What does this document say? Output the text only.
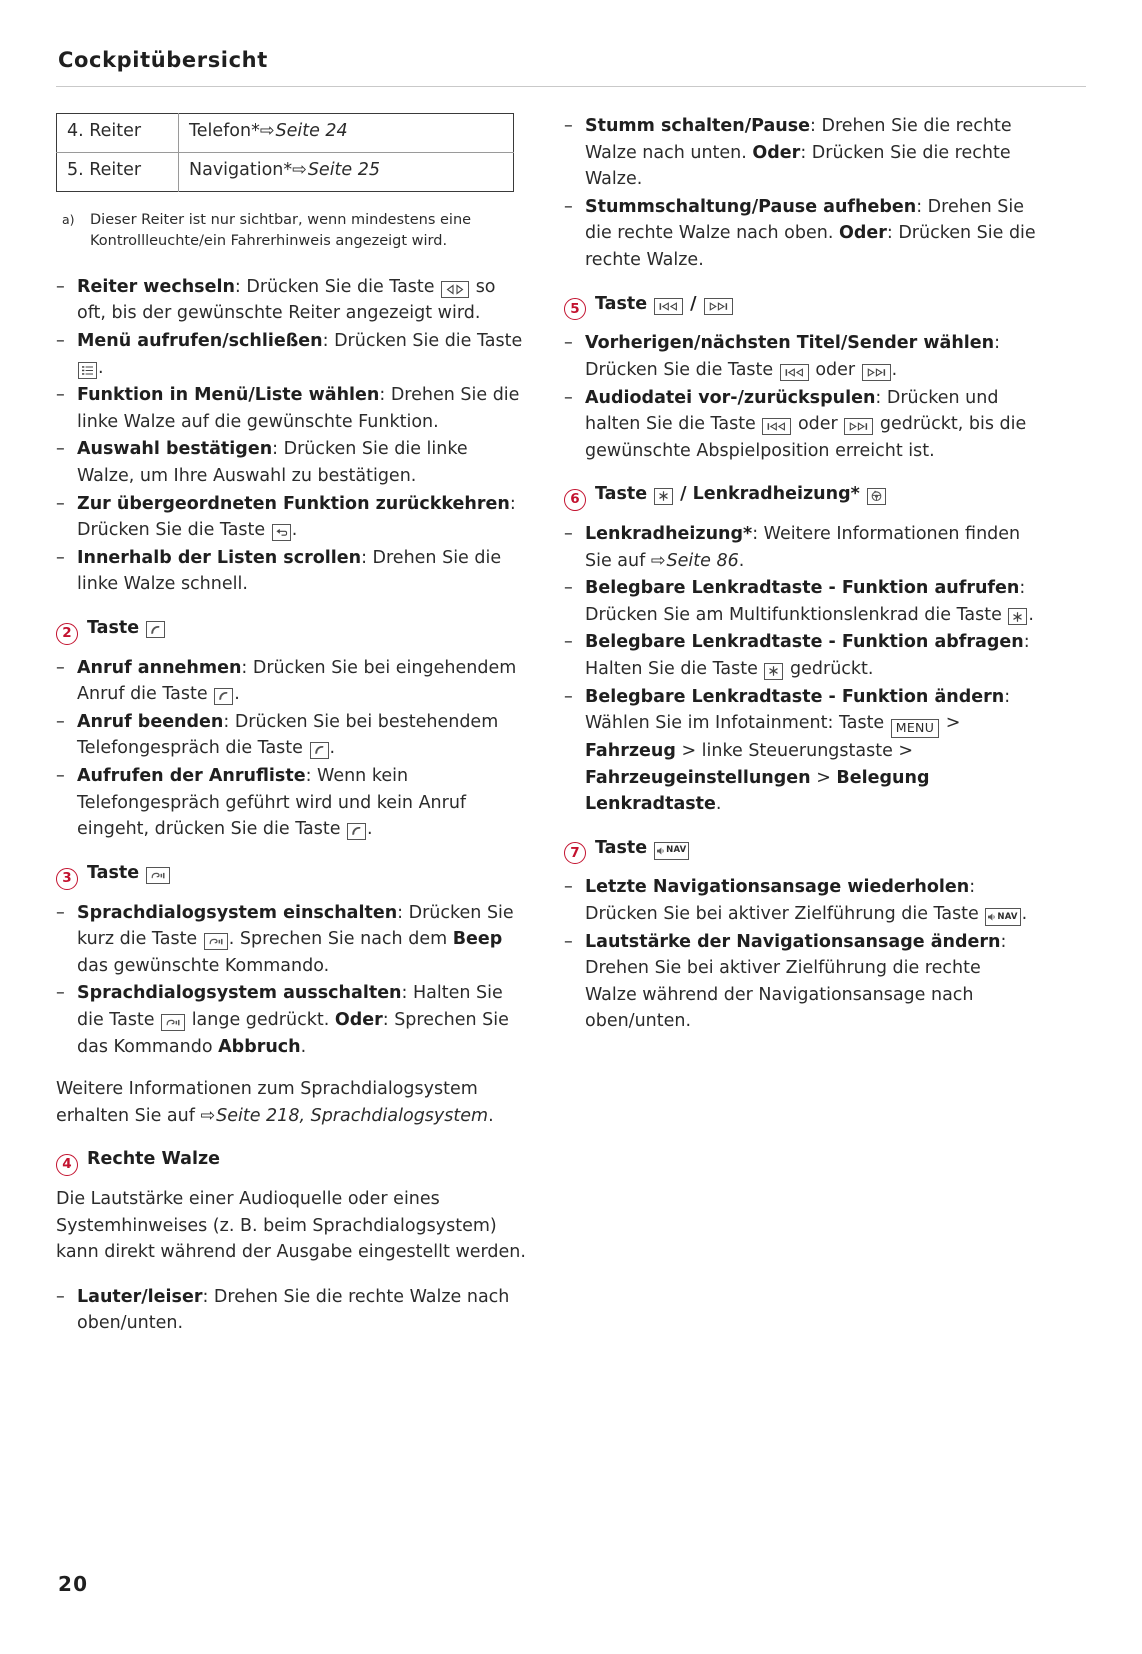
Cockpitübersicht
4. Reiter	Telefon*⇨Seite 24
5. Reiter	Navigation*⇨Seite 25
a)	Dieser Reiter ist nur sichtbar, wenn mindestens eine Kontrollleuchte/ein Fahrerhinweis angezeigt wird.
– Reiter wechseln: Drücken Sie die Taste
so oft, bis der gewünschte Reiter angezeigt wird.
– Menü aufrufen/schließen: Drücken Sie die Taste
.
– Funktion in Menü/Liste wählen: Drehen Sie die linke Walze auf die gewünschte Funktion.
– Auswahl bestätigen: Drücken Sie die linke Walze, um Ihre Auswahl zu bestätigen.
– Zur übergeordneten Funktion zurückkehren: Drücken Sie die Taste
.
– Innerhalb der Listen scrollen: Drehen Sie die linke Walze schnell.
2 Taste
– Anruf annehmen: Drücken Sie bei eingehendem Anruf die Taste
.
– Anruf beenden: Drücken Sie bei bestehendem Telefongespräch die Taste
.
– Aufrufen der Anrufliste: Wenn kein Telefongespräch geführt wird und kein Anruf eingeht, drücken Sie die Taste
.
3 Taste
– Sprachdialogsystem einschalten: Drücken Sie kurz die Taste
. Sprechen Sie nach dem Beep das gewünschte Kommando.
– Sprachdialogsystem ausschalten: Halten Sie die Taste
lange gedrückt. Oder: Sprechen Sie das Kommando Abbruch.

Weitere Informationen zum Sprachdialogsystem erhalten Sie auf ⇨Seite 218, Sprachdialogsystem.

4 Rechte Walze

Die Lautstärke einer Audioquelle oder eines Systemhinweises (z. B. beim Sprachdialogsystem) kann direkt während der Ausgabe eingestellt werden.

– Lauter/leiser: Drehen Sie die rechte Walze nach oben/unten.
– Stumm schalten/Pause: Drehen Sie die rechte Walze nach unten. Oder: Drücken Sie die rechte Walze.
– Stummschaltung/Pause aufheben: Drehen Sie die rechte Walze nach oben. Oder: Drücken Sie die rechte Walze.
5 Taste /
– Vorherigen/nächsten Titel/Sender wählen: Drücken Sie die Taste
oder
.
– Audiodatei vor-/zurückspulen: Drücken und halten Sie die Taste
oder
gedrückt, bis die gewünschte Abspielposition erreicht ist.
6 Taste / Lenkradheizung*
– Lenkradheizung*: Weitere Informationen finden Sie auf ⇨Seite 86.
– Belegbare Lenkradtaste - Funktion aufrufen: Drücken Sie am Multifunktionslenkrad die Taste
.
– Belegbare Lenkradtaste - Funktion abfragen: Halten Sie die Taste
gedrückt.
– Belegbare Lenkradtaste - Funktion ändern: Wählen Sie im Infotainment: Taste MENU > Fahrzeug > linke Steuerungstaste > Fahrzeugeinstellungen > Belegung Lenkradtaste.
7 Taste NAV
– Letzte Navigationsansage wiederholen: Drücken Sie bei aktiver Zielführung die Taste NAV .
– Lautstärke der Navigationsansage ändern: Drehen Sie bei aktiver Zielführung die rechte Walze während der Navigationsansage nach oben/unten.
20
